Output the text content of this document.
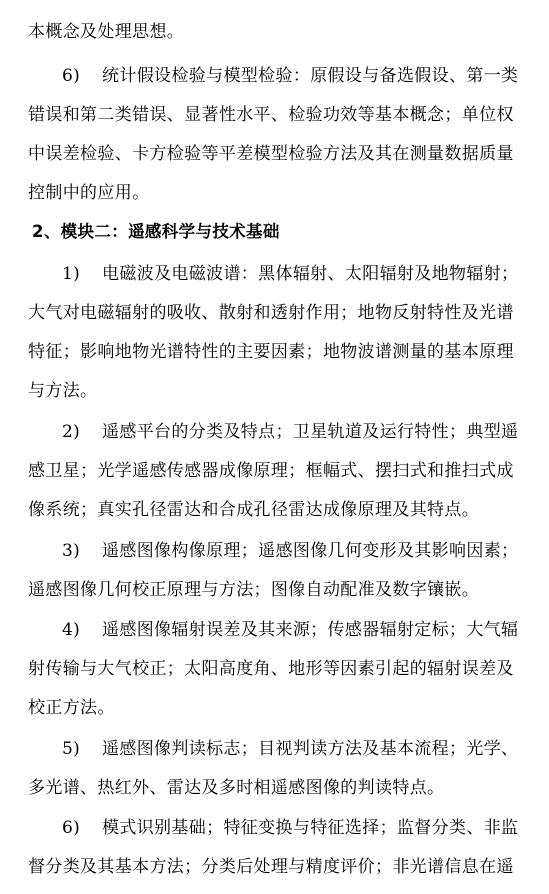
本概念及处理思想。
6) 统计假设检验与模型检验：原假设与备选假设、第一类
错误和第二类错误、显著性水平、检验功效等基本概念；单位权
中误差检验、卡方检验等平差模型检验方法及其在测量数据质量
控制中的应用。
2、模块二：遥感科学与技术基础
1) 电磁波及电磁波谱：黑体辐射、太阳辐射及地物辐射；
大气对电磁辐射的吸收、散射和透射作用；地物反射特性及光谱
特征；影响地物光谱特性的主要因素；地物波谱测量的基本原理
与方法。
2) 遥感平台的分类及特点；卫星轨道及运行特性；典型遥
感卫星；光学遥感传感器成像原理；框幅式、摆扫式和推扫式成
像系统；真实孔径雷达和合成孔径雷达成像原理及其特点。
3) 遥感图像构像原理；遥感图像几何变形及其影响因素；
遥感图像几何校正原理与方法；图像自动配准及数字镶嵌。
4) 遥感图像辐射误差及其来源；传感器辐射定标；大气辐
射传输与大气校正；太阳高度角、地形等因素引起的辐射误差及
校正方法。
5) 遥感图像判读标志；目视判读方法及基本流程；光学、
多光谱、热红外、雷达及多时相遥感图像的判读特点。
6) 模式识别基础；特征变换与特征选择；监督分类、非监
督分类及其基本方法；分类后处理与精度评价；非光谱信息在遥
